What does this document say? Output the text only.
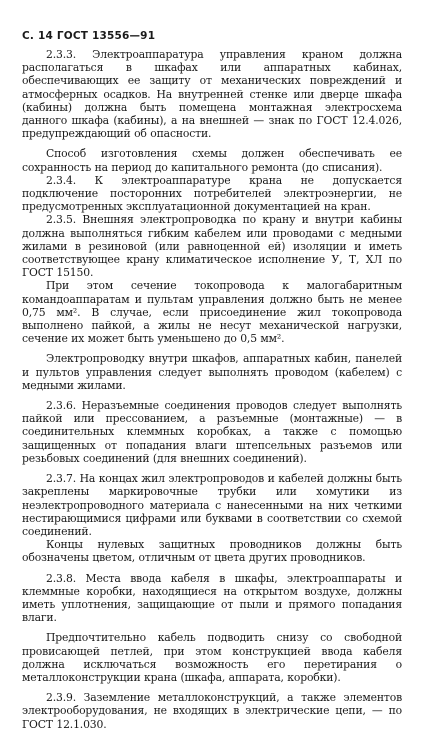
С. 14 ГОСТ 13556—91

2.3.3. Электроаппаратура управления краном должна располагаться в шкафах или аппаратных кабинах, обеспечивающих ее защиту от механических повреждений и атмосферных осадков. На внутренней стенке или дверце шкафа (кабины) должна быть помещена монтажная электросхема данного шкафа (кабины), а на внешней — знак по ГОСТ 12.4.026, предупреждающий об опасности.

Способ изготовления схемы должен обеспечивать ее сохранность на период до капитального ремонта (до списания).

2.3.4. К электроаппаратуре крана не допускается подключение посторонних потребителей электроэнергии, не предусмотренных эксплуатационной документацией на кран.

2.3.5. Внешняя электропроводка по крану и внутри кабины должна выполняться гибким кабелем или проводами с медными жилами в резиновой (или равноценной ей) изоляции и иметь соответствующее крану климатическое исполнение У, Т, ХЛ по ГОСТ 15150.

При этом сечение токопровода к малогабаритным командоаппаратам и пультам управления должно быть не менее 0,75 мм². В случае, если присоединение жил токопровода выполнено пайкой, а жилы не несут механической нагрузки, сечение их может быть уменьшено до 0,5 мм².

Электропроводку внутри шкафов, аппаратных кабин, панелей и пультов управления следует выполнять проводом (кабелем) с медными жилами.

2.3.6. Неразъемные соединения проводов следует выполнять пайкой или прессованием, а разъемные (монтажные) — в соединительных клеммных коробках, а также с помощью защищенных от попадания влаги штепсельных разъемов или резьбовых соединений (для внешних соединений).

2.3.7. На концах жил электропроводов и кабелей должны быть закреплены маркировочные трубки или хомутики из неэлектропроводного материала с нанесенными на них четкими нестирающимися цифрами или буквами в соответствии со схемой соединений.

Концы нулевых защитных проводников должны быть обозначены цветом, отличным от цвета других проводников.

2.3.8. Места ввода кабеля в шкафы, электроаппараты и клеммные коробки, находящиеся на открытом воздухе, должны иметь уплотнения, защищающие от пыли и прямого попадания влаги.

Предпочтительно кабель подводить снизу со свободной провисающей петлей, при этом конструкцией ввода кабеля должна исключаться возможность его перетирания о металлоконструкции крана (шкафа, аппарата, коробки).

2.3.9. Заземление металлоконструкций, а также элементов электрооборудования, не входящих в электрические цепи, — по ГОСТ 12.1.030.
